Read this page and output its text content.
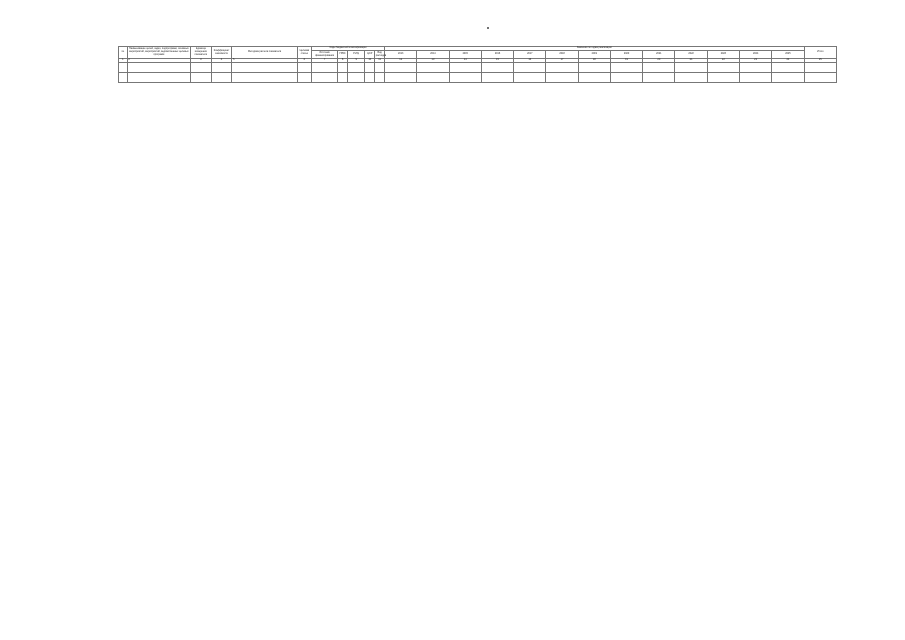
№	Наименование целей, задач, подпрограмм, основных мероприятий, мероприятий, ведомственных целевых программ	Единица измерения показателя	Коэффициент значимости	Методика расчета показателя	Целевая статья	Коды бюджетной классификации					Значения по годам реализации													Итого
						Источник финансирования	ГРБС	РзПр	ЦСР	Вид расходов	2013	2014	2015	2016	2017	2018	2019	2020	2021	2022	2023	2024	2025	
1	2	3	4	5	6	7	8	9	10	11	12	13	14	15	16	17	18	19	20	21	22	23	24	25
